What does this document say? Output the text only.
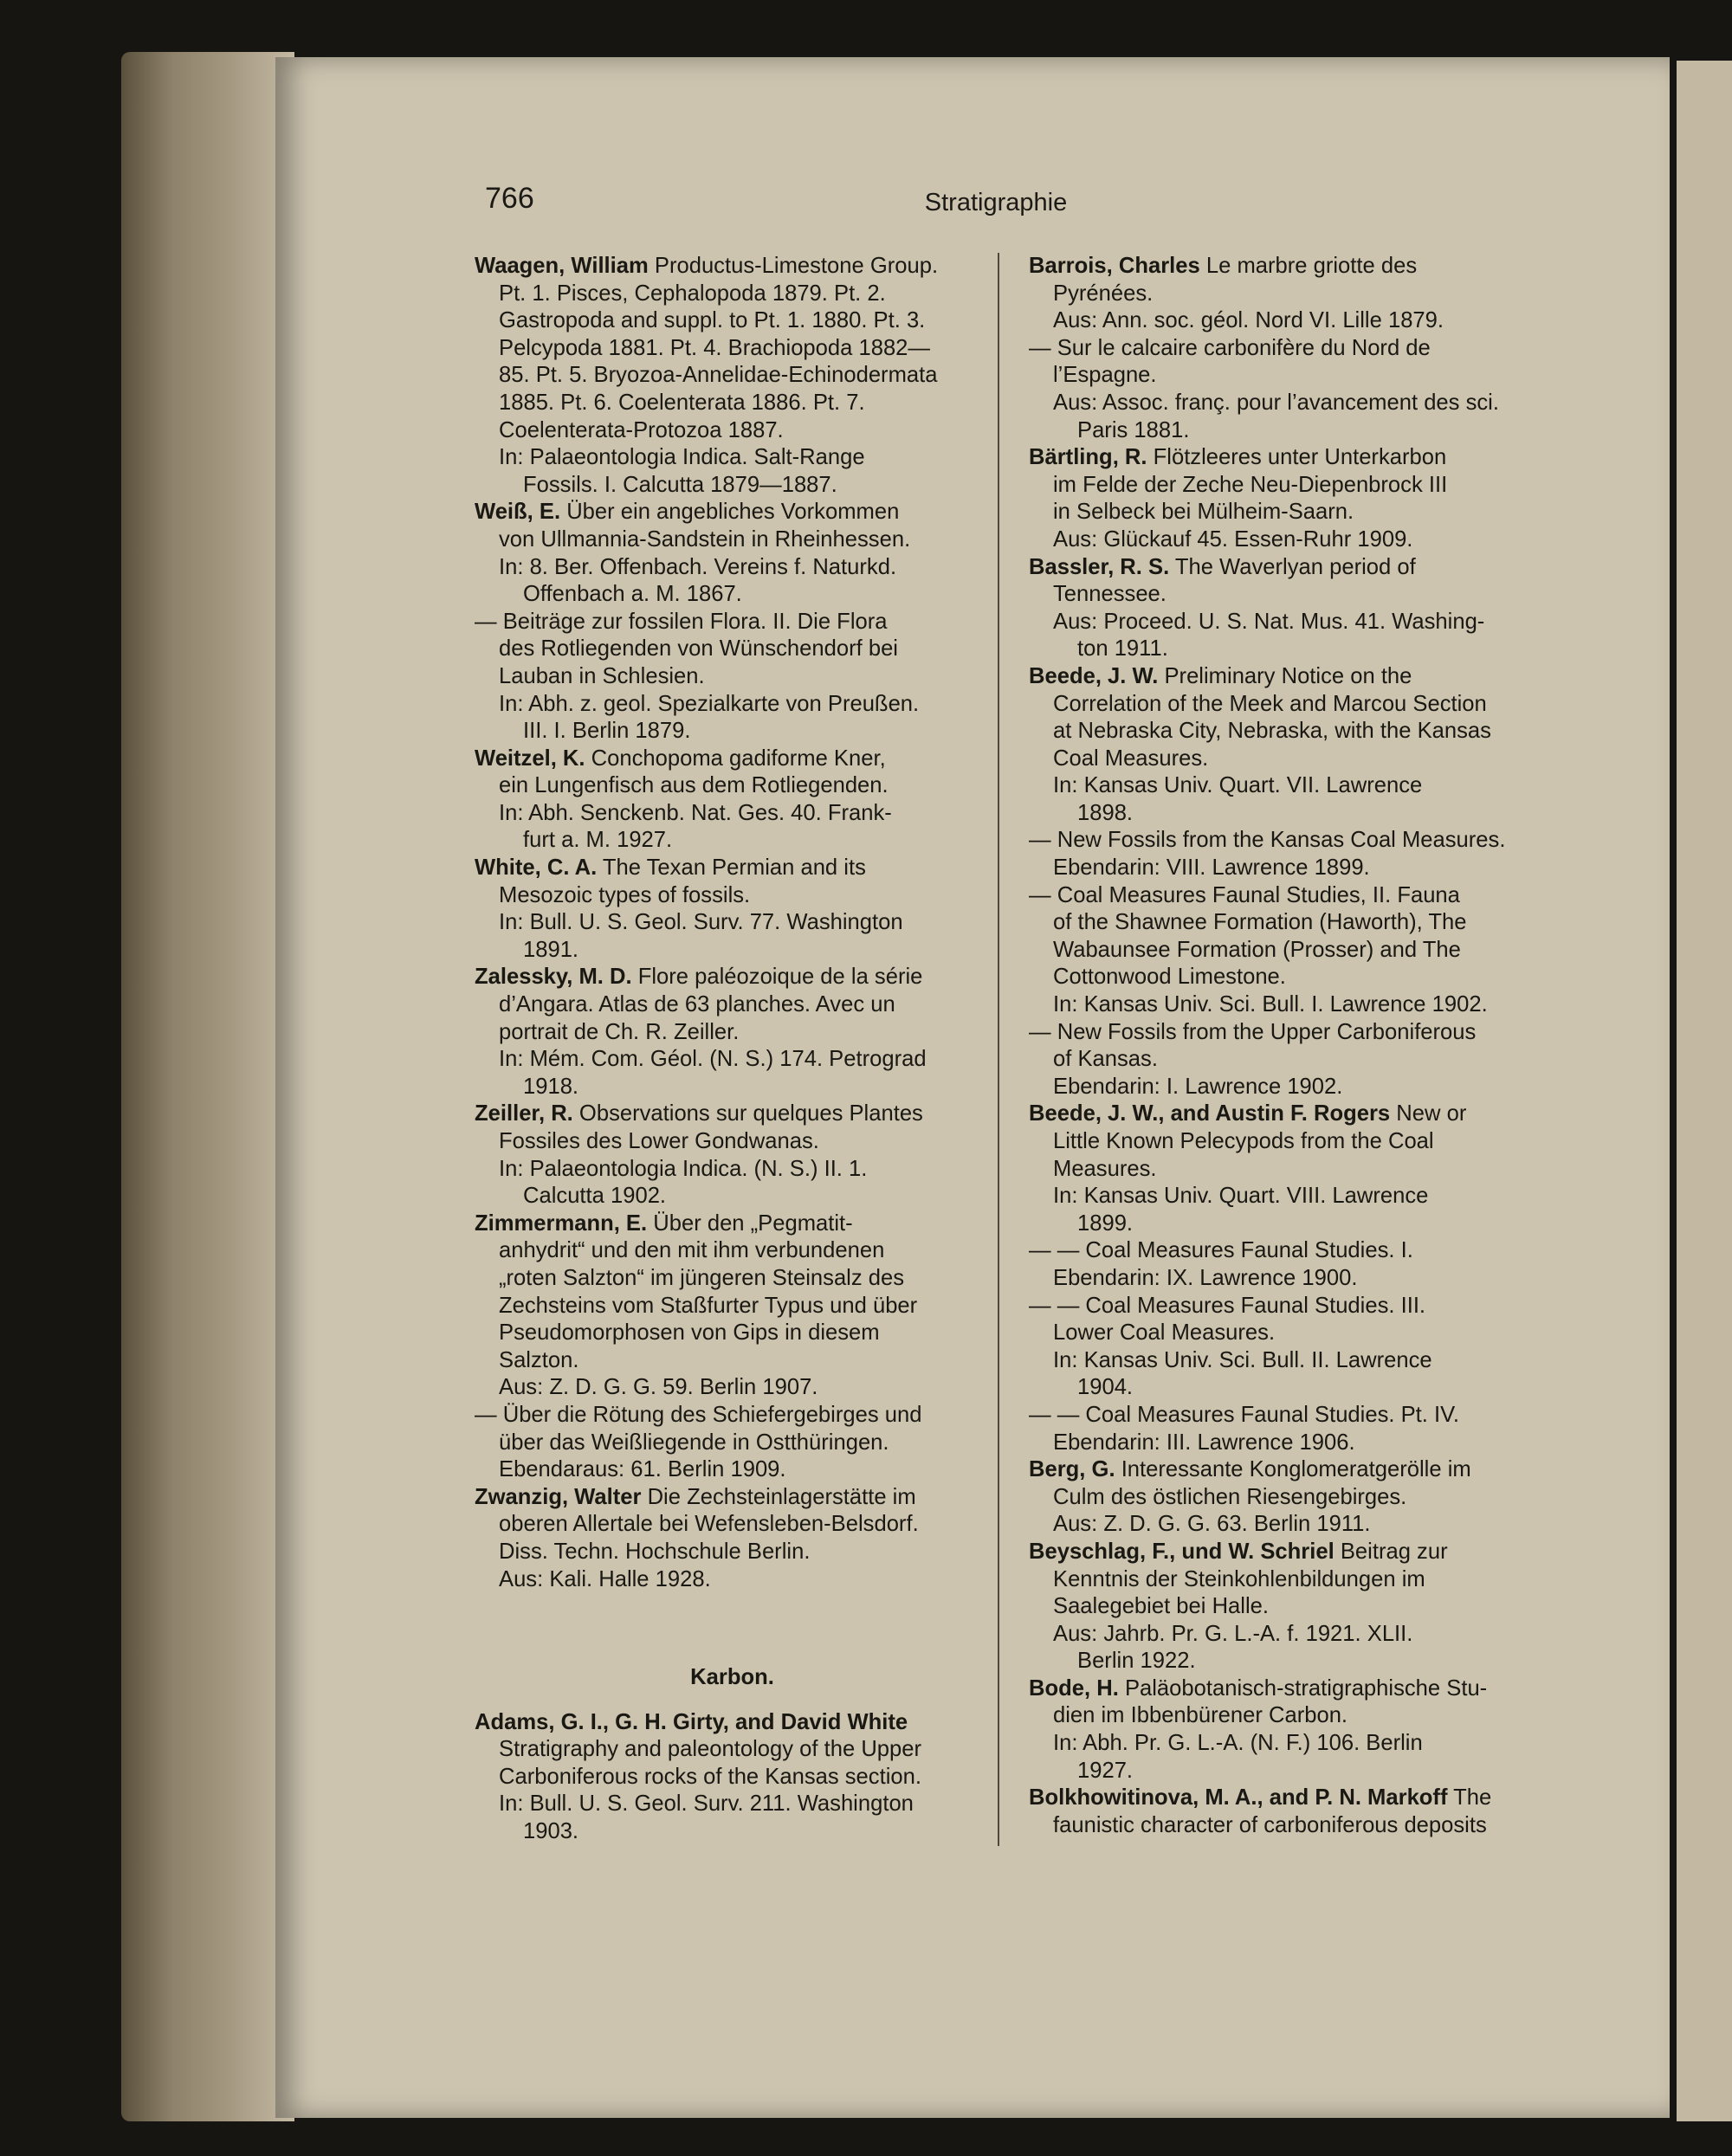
766	Stratigraphie
Waagen, William Productus-Limestone Group.
Pt. 1. Pisces, Cephalopoda 1879. Pt. 2.
Gastropoda and suppl. to Pt. 1. 1880. Pt. 3.
Pelcypoda 1881. Pt. 4. Brachiopoda 1882—
85. Pt. 5. Bryozoa-Annelidae-Echinodermata
1885. Pt. 6. Coelenterata 1886. Pt. 7.
Coelenterata-Protozoa 1887.
In: Palaeontologia Indica. Salt-Range
Fossils. I. Calcutta 1879—1887.
Weiß, E. Über ein angebliches Vorkommen
von Ullmannia-Sandstein in Rheinhessen.
In: 8. Ber. Offenbach. Vereins f. Naturkd.
Offenbach a. M. 1867.
— Beiträge zur fossilen Flora. II. Die Flora
des Rotliegenden von Wünschendorf bei
Lauban in Schlesien.
In: Abh. z. geol. Spezialkarte von Preußen.
III. I. Berlin 1879.
Weitzel, K. Conchopoma gadiforme Kner,
ein Lungenfisch aus dem Rotliegenden.
In: Abh. Senckenb. Nat. Ges. 40. Frank-
furt a. M. 1927.
White, C. A. The Texan Permian and its
Mesozoic types of fossils.
In: Bull. U. S. Geol. Surv. 77. Washington
1891.
Zalessky, M. D. Flore paléozoique de la série
d’Angara. Atlas de 63 planches. Avec un
portrait de Ch. R. Zeiller.
In: Mém. Com. Géol. (N. S.) 174. Petrograd
1918.
Zeiller, R. Observations sur quelques Plantes
Fossiles des Lower Gondwanas.
In: Palaeontologia Indica. (N. S.) II. 1.
Calcutta 1902.
Zimmermann, E. Über den „Pegmatit-
anhydrit“ und den mit ihm verbundenen
„roten Salzton“ im jüngeren Steinsalz des
Zechsteins vom Staßfurter Typus und über
Pseudomorphosen von Gips in diesem
Salzton.
Aus: Z. D. G. G. 59. Berlin 1907.
— Über die Rötung des Schiefergebirges und
über das Weißliegende in Ostthüringen.
Ebendaraus: 61. Berlin 1909.
Zwanzig, Walter Die Zechsteinlagerstätte im
oberen Allertale bei Wefensleben-Belsdorf.
Diss. Techn. Hochschule Berlin.
Aus: Kali. Halle 1928.
Karbon.
Adams, G. I., G. H. Girty, and David White
Stratigraphy and paleontology of the Upper
Carboniferous rocks of the Kansas section.
In: Bull. U. S. Geol. Surv. 211. Washington
1903.
Barrois, Charles Le marbre griotte des
Pyrénées.
Aus: Ann. soc. géol. Nord VI. Lille 1879.
— Sur le calcaire carbonifère du Nord de
l’Espagne.
Aus: Assoc. franç. pour l’avancement des sci.
Paris 1881.
Bärtling, R. Flötzleeres unter Unterkarbon
im Felde der Zeche Neu-Diepenbrock III
in Selbeck bei Mülheim-Saarn.
Aus: Glückauf 45. Essen-Ruhr 1909.
Bassler, R. S. The Waverlyan period of
Tennessee.
Aus: Proceed. U. S. Nat. Mus. 41. Washing-
ton 1911.
Beede, J. W. Preliminary Notice on the
Correlation of the Meek and Marcou Section
at Nebraska City, Nebraska, with the Kansas
Coal Measures.
In: Kansas Univ. Quart. VII. Lawrence
1898.
— New Fossils from the Kansas Coal Measures.
Ebendarin: VIII. Lawrence 1899.
— Coal Measures Faunal Studies, II. Fauna
of the Shawnee Formation (Haworth), The
Wabaunsee Formation (Prosser) and The
Cottonwood Limestone.
In: Kansas Univ. Sci. Bull. I. Lawrence 1902.
— New Fossils from the Upper Carboniferous
of Kansas.
Ebendarin: I. Lawrence 1902.
Beede, J. W., and Austin F. Rogers New or
Little Known Pelecypods from the Coal
Measures.
In: Kansas Univ. Quart. VIII. Lawrence
1899.
— — Coal Measures Faunal Studies. I.
Ebendarin: IX. Lawrence 1900.
— — Coal Measures Faunal Studies. III.
Lower Coal Measures.
In: Kansas Univ. Sci. Bull. II. Lawrence
1904.
— — Coal Measures Faunal Studies. Pt. IV.
Ebendarin: III. Lawrence 1906.
Berg, G. Interessante Konglomeratgerölle im
Culm des östlichen Riesengebirges.
Aus: Z. D. G. G. 63. Berlin 1911.
Beyschlag, F., und W. Schriel Beitrag zur
Kenntnis der Steinkohlenbildungen im
Saalegebiet bei Halle.
Aus: Jahrb. Pr. G. L.-A. f. 1921. XLII.
Berlin 1922.
Bode, H. Paläobotanisch-stratigraphische Stu-
dien im Ibbenbürener Carbon.
In: Abh. Pr. G. L.-A. (N. F.) 106. Berlin
1927.
Bolkhowitinova, M. A., and P. N. Markoff The
faunistic character of carboniferous deposits
